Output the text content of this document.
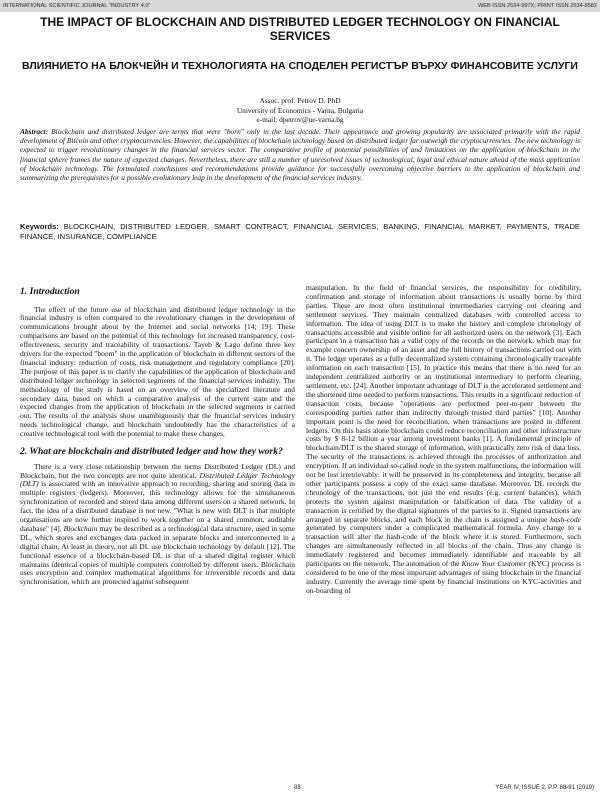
INTERNATIONAL SCIENTIFIC JOURNAL "INDUSTRY 4.0"	WEB ISSN 2534-997X; PRINT ISSN 2534-8582
THE IMPACT OF BLOCKCHAIN AND DISTRIBUTED LEDGER TECHNOLOGY ON FINANCIAL SERVICES
ВЛИЯНИЕТО НА БЛОКЧЕЙН И ТЕХНОЛОГИЯТА НА СПОДЕЛЕН РЕГИСТЪР ВЪРХУ ФИНАНСОВИТЕ УСЛУГИ
Assoc. prof. Petrov D. PhD
University of Economics - Varna, Bulgaria
e-mail: dpetrov@ue-varna.bg

Abstract: Blockchain and distributed ledger are terms that were "born" only in the last decade. Their appearance and growing popularity are associated primarily with the rapid development of Bitcoin and other cryptocurrencies. However, the capabilities of blockchain technology based on distributed ledger far outweigh the cryptocurrencies. The new technology is expected to trigger revolutionary changes in the financial services sector. The comparative profile of potential possibilities of and limitations on the application of blockchain in the financial sphere frames the nature of expected changes. Nevertheless, there are still a number of unresolved issues of technological, legal and ethical nature ahead of the mass application of blockchain technology. The formulated conclusions and recommendations provide guidance for successfully overcoming objective barriers to the application of blockchain and summarizing the prerequisites for a possible evolutionary leap in the development of the financial services industry.

Keywords: BLOCKCHAIN, DISTRIBUTED LEDGER, SMART CONTRACT, FINANCIAL SERVICES, BANKING, FINANCIAL MARKET, PAYMENTS, TRADE FINANCE, INSURANCE, COMPLIANCE

1. Introduction

The effect of the future use of blockchain and distributed ledger technology in the financial industry is often compared to the revolutionary changes in the development of communications brought about by the Internet and social networks [14; 19]. These comparisons are based on the potential of this technology for increased transparency, cost-effectiveness, security and traceability of transactions. Tayeb & Lago define three key drivers for the expected "boom" in the application of blockchain in different sectors of the financial industry: reduction of costs, risk management and regulatory compliance [20]. The purpose of this paper is to clarify the capabilities of the application of blockchain and distributed ledger technology in selected segments of the financial services industry. The methodology of the study is based on an overview of the specialized literature and secondary data, based on which a comparative analysis of the current state and the expected changes from the application of blockchain in the selected segments is carried out. The results of the analysis show unambiguously that the financial services industry needs technological change, and blockchain undoubtedly has the characteristics of a creative technological tool with the potential to make these changes.

2. What are blockchain and distributed ledger and how they work?

There is a very close relationship between the terms Distributed Ledger (DL) and Blockchain, but the two concepts are not quite identical. Distributed Ledger Technology (DLT) is associated with an innovative approach to recording, sharing and storing data in multiple registers (ledgers). Moreover, this technology allows for the simultaneous synchronization of recorded and stored data among different users on a shared network. In fact, the idea of a distributed database is not new. "What is new with DLT is that multiple organisations are now further inspired to work together on a shared common, auditable database" [4]. Blockchain may be described as a technological data structure, used in some DL, which stores and exchanges data packed in separate blocks and interconnected in a digital chain. At least in theory, not all DL use blockchain technology by default [12]. The functional essence of a blockchain-based DL is that of a shared digital register which maintains identical copies of multiple computers controlled by different users. Blockchain uses encryption and complex mathematical algorithms for irreversible records and data synchronisation, which are protected against subsequent

manipulation. In the field of financial services, the responsibility for credibility, confirmation and storage of information about transactions is usually borne by third parties. These are most often institutional intermediaries carrying out clearing and settlement services. They maintain centralized databases with controlled access to information. The idea of using DLT is to make the history and complete chronology of transactions accessible and visible online for all authorized users on the network [3]. Each participant in a transaction has a valid copy of the records on the network, which may for example concern ownership of an asset and the full history of transactions carried out with it. The ledger operates as a fully decentralized system containing chronologically traceable information on each transaction [15]. In practice this means that there is no need for an independent centralized authority or an institutional intermediary to perform clearing, settlement, etc. [24]. Another important advantage of DLT is the accelerated settlement and the shortened time needed to perform transactions. This results in a significant reduction of transaction costs, because "operations are performed peer-to-peer between the corresponding parties rather than indirectly through trusted third parties" [10]. Another important point is the need for reconciliation, when transactions are posted in different ledgers. On this basis alone blockchain could reduce reconciliation and other infrastructure costs by $ 8-12 billion a year among investment banks [1]. A fundamental principle of blockchain/DLT is the shared storage of information, with practically zero risk of data loss. The security of the transactions is achieved through the processes of authorization and encryption. If an individual so-called node in the system malfunctions, the information will not be lost irretrievably: it will be preserved in its completeness and integrity, because all other participants possess a copy of the exact same database. Moreover, DL records the chronology of the transactions, not just the end results (e.g. current balances), which protects the system against manipulation or falsification of data. The validity of a transaction is certified by the digital signatures of the parties to it. Signed transactions are arranged in separate blocks, and each block in the chain is assigned a unique hash-code generated by computers under a complicated mathematical formula. Any change to a transaction will alter the hash-code of the block where it is stored. Furthermore, such changes are simultaneously reflected in all blocks of the chain. Thus any change is immediately registered and becomes immediately identifiable and traceable by all participants on the network. The automation of the Know Your Customer (KYC) process is considered to be one of the most important advantages of using blockchain in the financial industry. Currently the average time spent by financial institutions on KYC-activities and on-boarding of

88	YEAR IV, ISSUE 2, P.P. 88-91 (2019)
